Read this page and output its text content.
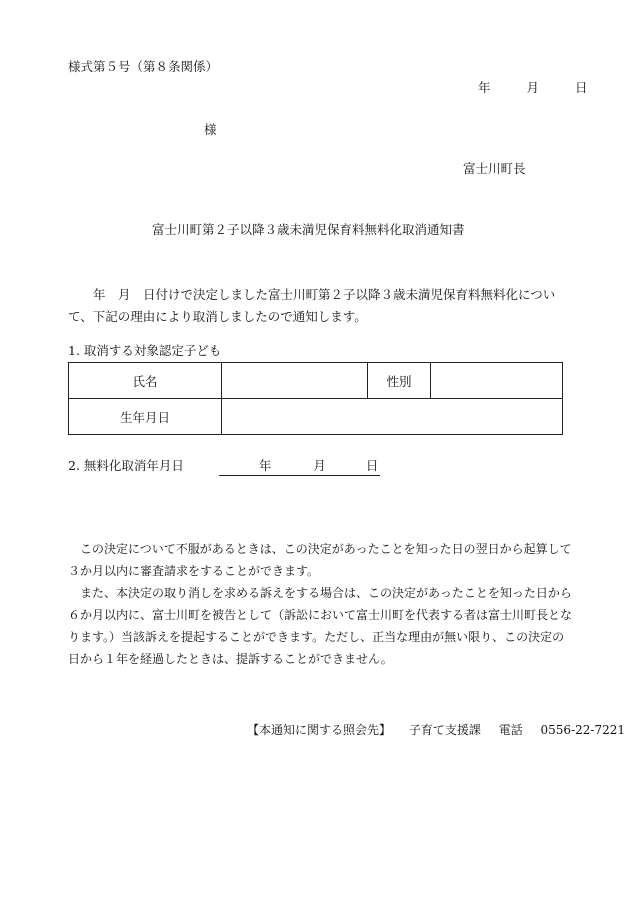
様式第５号（第８条関係）
年	月	日
様
富士川町長
富士川町第２子以降３歳未満児保育料無料化取消通知書
　　年　月　日付けで決定しました富士川町第２子以降３歳未満児保育料無料化について、下記の理由により取消しましたので通知します。
1. 取消する対象認定子ども
氏名		性別	
生年月日			
2. 無料化取消年月日	年	月	日

この決定について不服があるときは、この決定があったことを知った日の翌日から起算して３か月以内に審査請求をすることができます。

また、本決定の取り消しを求める訴えをする場合は、この決定があったことを知った日から６か月以内に、富士川町を被告として（訴訟において富士川町を代表する者は富士川町長となります。）当該訴えを提起することができます。ただし、正当な理由が無い限り、この決定の日から１年を経過したときは、提訴することができません。

【本通知に関する照会先】 子育て支援課 電話 0556-22-7221
